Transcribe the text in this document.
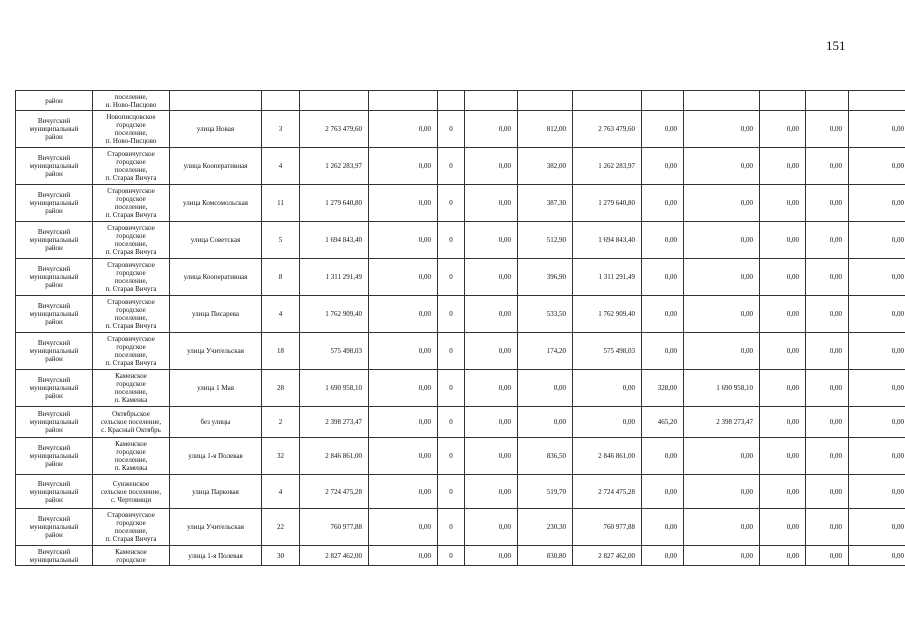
151
район	поселение,
н. Ново-Писцово													

Вичугский
муниципальный
район	Новописцовское
городское
поселение,
п. Ново-Писцово	улица Новая	3	2 763 479,60	0,00	0	0,00	812,00	2 763 479,60	0,00	0,00	0,00	0,00	0,00

Вичугский
муниципальный
район	Старовичугское
городское
поселение,
п. Старая Вичуга	улица Кооперативная	4	1 262 283,97	0,00	0	0,00	382,00	1 262 283,97	0,00	0,00	0,00	0,00	0,00

Вичугский
муниципальный
район	Старовичугское
городское
поселение,
п. Старая Вичуга	улица Комсомольская	11	1 279 640,80	0,00	0	0,00	387,30	1 279 640,80	0,00	0,00	0,00	0,00	0,00

Вичугский
муниципальный
район	Старовичугское
городское
поселение,
п. Старая Вичуга	улица Советская	5	1 694 843,40	0,00	0	0,00	512,90	1 694 843,40	0,00	0,00	0,00	0,00	0,00

Вичугский
муниципальный
район	Старовичугское
городское
поселение,
п. Старая Вичуга	улица Кооперативная	8	1 311 291,49	0,00	0	0,00	396,90	1 311 291,49	0,00	0,00	0,00	0,00	0,00

Вичугский
муниципальный
район	Старовичугское
городское
поселение,
п. Старая Вичуга	улица Писарева	4	1 762 909,40	0,00	0	0,00	533,50	1 762 909,40	0,00	0,00	0,00	0,00	0,00

Вичугский
муниципальный
район	Старовичугское
городское
поселение,
п. Старая Вичуга	улица Учительская	18	575 498,03	0,00	0	0,00	174,20	575 498,03	0,00	0,00	0,00	0,00	0,00

Вичугский
муниципальный
район	Каменское
городское
поселение,
п. Каменка	улица 1 Мая	28	1 690 958,10	0,00	0	0,00	0,00	0,00	328,00	1 690 958,10	0,00	0,00	0,00

Вичугский
муниципальный
район	Октябрьское
сельское поселение,
с. Красный Октябрь	без улицы	2	2 398 273,47	0,00	0	0,00	0,00	0,00	465,20	2 398 273,47	0,00	0,00	0,00

Вичугский
муниципальный
район	Каменское
городское
поселение,
п. Каменка	улица 1-я Полевая	32	2 846 861,00	0,00	0	0,00	836,50	2 846 861,00	0,00	0,00	0,00	0,00	0,00

Вичугский
муниципальный
район	Сунженское
сельское поселение,
с. Чертовищи	улица Парковая	4	2 724 475,28	0,00	0	0,00	519,70	2 724 475,28	0,00	0,00	0,00	0,00	0,00

Вичугский
муниципальный
район	Старовичугское
городское
поселение,
п. Старая Вичуга	улица Учительская	22	760 977,88	0,00	0	0,00	230,30	760 977,88	0,00	0,00	0,00	0,00	0,00

Вичугский
муниципальный	Каменское
городское	улица 1-я Полевая	30	2 827 462,00	0,00	0	0,00	830,80	2 827 462,00	0,00	0,00	0,00	0,00	0,00
